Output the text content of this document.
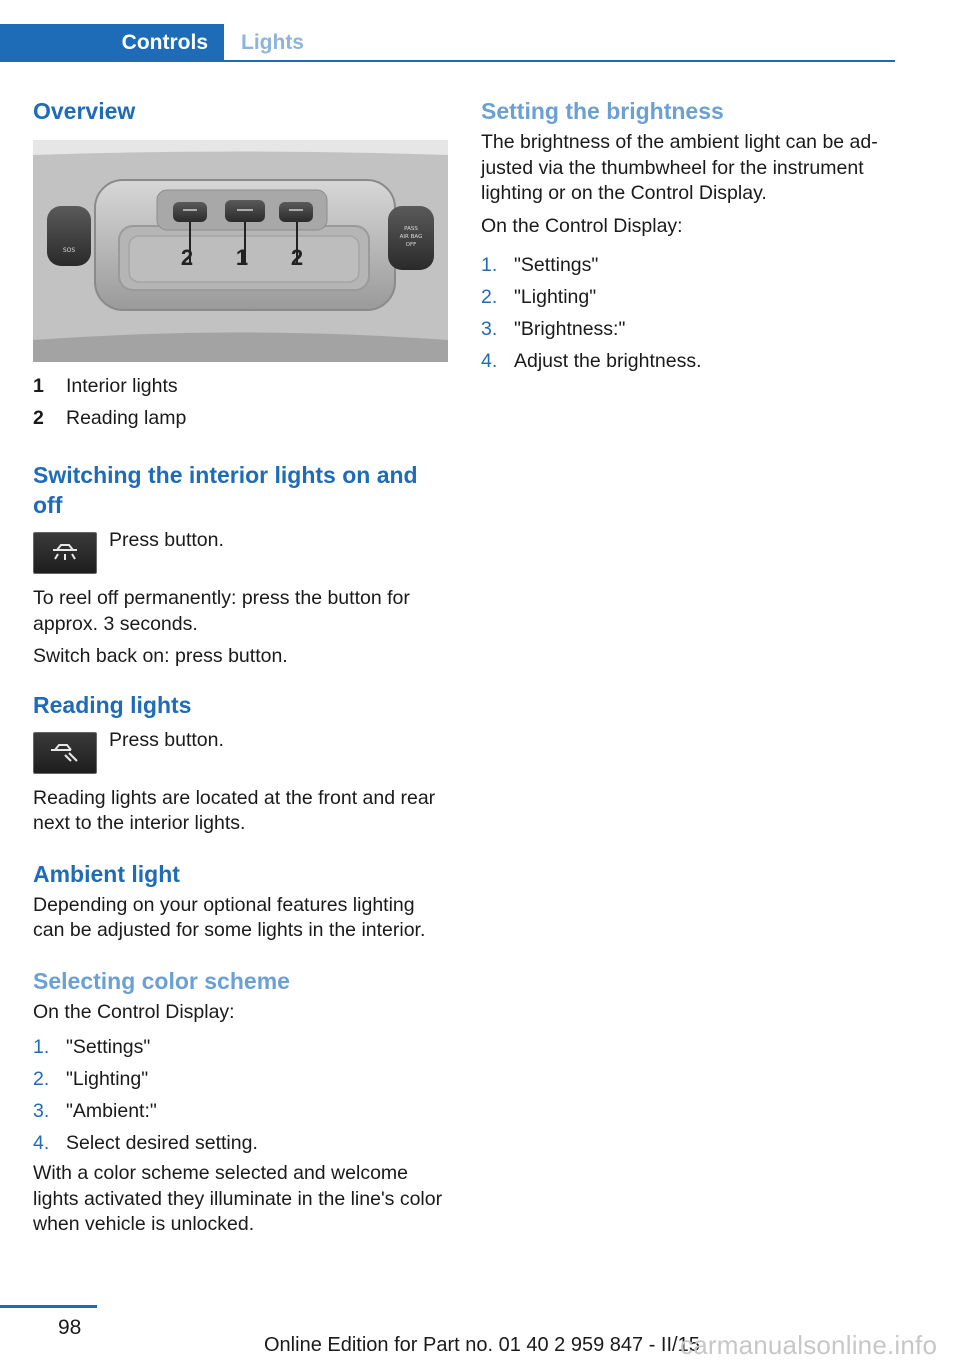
Controls	Lights
Overview
SOS
PASS
AIR BAG
OFF
2 1 2
1	Interior lights
2	Reading lamp
Switching the interior lights on and off

Press button.

To reel off permanently: press the button for approx. 3 seconds.

Switch back on: press button.

Reading lights

Press button.

Reading lights are located at the front and rear next to the interior lights.

Ambient light

Depending on your optional features lighting can be adjusted for some lights in the interior.

Selecting color scheme

On the Control Display:

1. "Settings"
2. "Lighting"
3. "Ambient:"
4. Select desired setting.

With a color scheme selected and welcome lights activated they illuminate in the line's color when vehicle is unlocked.

Setting the brightness

The brightness of the ambient light can be ad‐justed via the thumbwheel for the instrument lighting or on the Control Display.

On the Control Display:

1. "Settings"
2. "Lighting"
3. "Brightness:"
4. Adjust the brightness.
98
Online Edition for Part no. 01 40 2 959 847 - II/15
carmanualsonline.info
